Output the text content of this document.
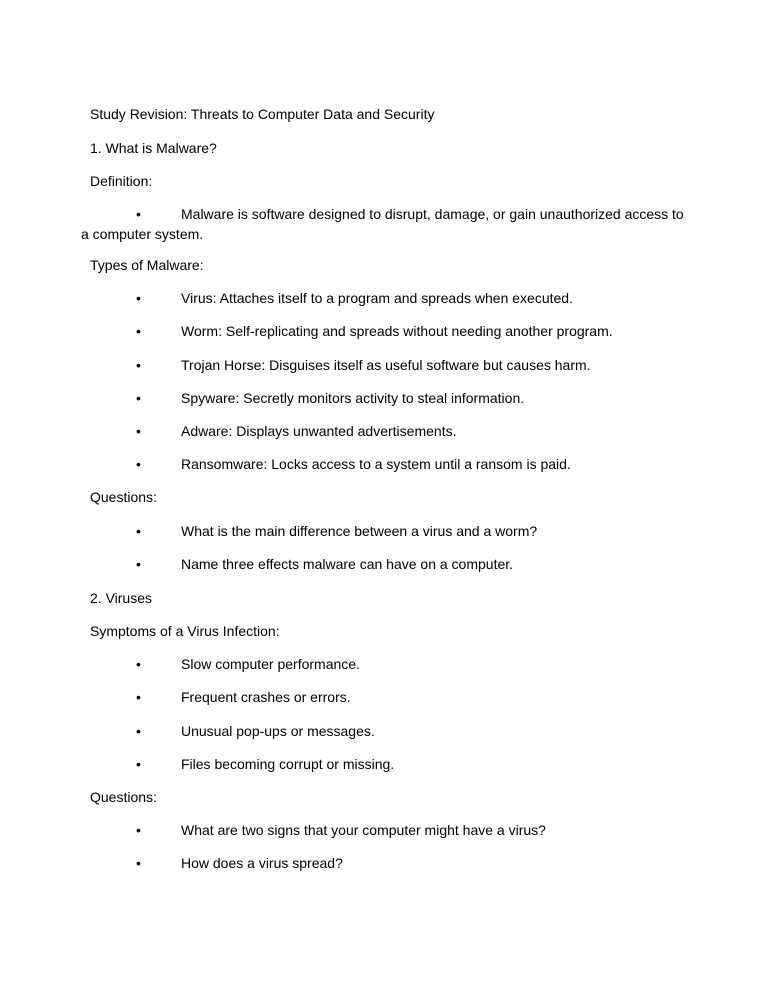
Study Revision: Threats to Computer Data and Security
1. What is Malware?
Definition:
•	Malware is software designed to disrupt, damage, or gain unauthorized access to
a computer system.
Types of Malware:
•	Virus: Attaches itself to a program and spreads when executed.
•	Worm: Self-replicating and spreads without needing another program.
•	Trojan Horse: Disguises itself as useful software but causes harm.
•	Spyware: Secretly monitors activity to steal information.
•	Adware: Displays unwanted advertisements.
•	Ransomware: Locks access to a system until a ransom is paid.
Questions:
•	What is the main difference between a virus and a worm?
•	Name three effects malware can have on a computer.
2. Viruses
Symptoms of a Virus Infection:
•	Slow computer performance.
•	Frequent crashes or errors.
•	Unusual pop-ups or messages.
•	Files becoming corrupt or missing.
Questions:
•	What are two signs that your computer might have a virus?
•	How does a virus spread?
